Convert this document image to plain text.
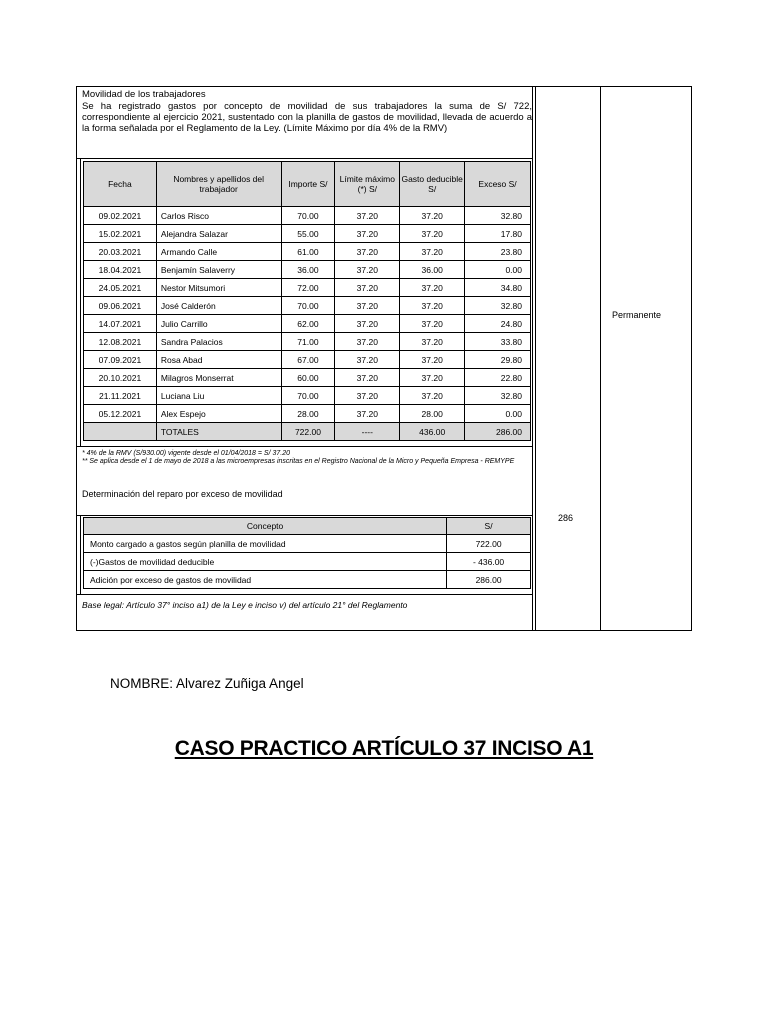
Movilidad de los trabajadores
Se ha registrado gastos por concepto de movilidad de sus trabajadores la suma de S/ 722, correspondiente al ejercicio 2021, sustentado con la planilla de gastos de movilidad, llevada de acuerdo a la forma señalada por el Reglamento de la Ley. (Límite Máximo por día 4% de la RMV)
Fecha	Nombres y apellidos del trabajador	Importe S/	Límite máximo (*) S/	Gasto deducible S/	Exceso S/
09.02.2021	Carlos Risco	70.00	37.20	37.20	32.80
15.02.2021	Alejandra Salazar	55.00	37.20	37.20	17.80
20.03.2021	Armando Calle	61.00	37.20	37.20	23.80
18.04.2021	Benjamín Salaverry	36.00	37.20	36.00	0.00
24.05.2021	Nestor Mitsumori	72.00	37.20	37.20	34.80
09.06.2021	José Calderón	70.00	37.20	37.20	32.80
14.07.2021	Julio Carrillo	62.00	37.20	37.20	24.80
12.08.2021	Sandra Palacios	71.00	37.20	37.20	33.80
07.09.2021	Rosa Abad	67.00	37.20	37.20	29.80
20.10.2021	Milagros Monserrat	60.00	37.20	37.20	22.80
21.11.2021	Luciana Liu	70.00	37.20	37.20	32.80
05.12.2021	Alex Espejo	28.00	37.20	28.00	0.00
	TOTALES	722.00	----	436.00	286.00
* 4% de la RMV (S/930.00) vigente desde el 01/04/2018 = S/ 37.20
** Se aplica desde el 1 de mayo de 2018 a las microempresas inscritas en el Registro Nacional de la Micro y Pequeña Empresa - REMYPE
Determinación del reparo por exceso de movilidad
Concepto	S/
Monto cargado a gastos según planilla de movilidad	722.00
(-)Gastos de movilidad deducible	- 436.00
Adición por exceso de gastos de movilidad	286.00
Base legal: Artículo 37° inciso a1) de la Ley e inciso v) del artículo 21° del Reglamento
286
Permanente
NOMBRE: Alvarez Zuñiga Angel
CASO PRACTICO ARTÍCULO 37 INCISO A1
